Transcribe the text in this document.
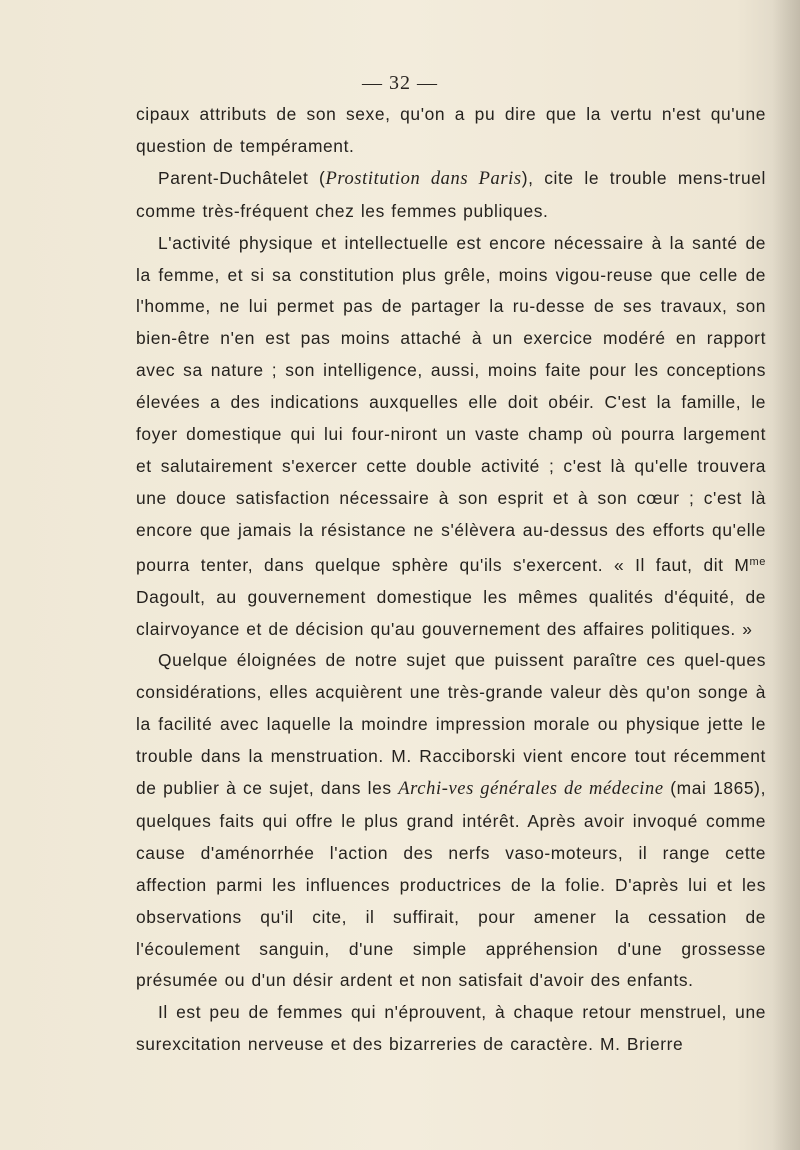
— 32 —

cipaux attributs de son sexe, qu'on a pu dire que la vertu n'est qu'une question de tempérament.

Parent-Duchâtelet (Prostitution dans Paris), cite le trouble mens-truel comme très-fréquent chez les femmes publiques.

L'activité physique et intellectuelle est encore nécessaire à la santé de la femme, et si sa constitution plus grêle, moins vigou-reuse que celle de l'homme, ne lui permet pas de partager la ru-desse de ses travaux, son bien-être n'en est pas moins attaché à un exercice modéré en rapport avec sa nature ; son intelligence, aussi, moins faite pour les conceptions élevées a des indications auxquelles elle doit obéir. C'est la famille, le foyer domestique qui lui four-niront un vaste champ où pourra largement et salutairement s'exercer cette double activité ; c'est là qu'elle trouvera une douce satisfaction nécessaire à son esprit et à son cœur ; c'est là encore que jamais la résistance ne s'élèvera au-dessus des efforts qu'elle pourra tenter, dans quelque sphère qu'ils s'exercent. « Il faut, dit $M^{me}$ Dagoult, au gouvernement domestique les mêmes qualités d'équité, de clairvoyance et de décision qu'au gouvernement des affaires politiques. »

Quelque éloignées de notre sujet que puissent paraître ces quel-ques considérations, elles acquièrent une très-grande valeur dès qu'on songe à la facilité avec laquelle la moindre impression morale ou physique jette le trouble dans la menstruation. M. Racciborski vient encore tout récemment de publier à ce sujet, dans les Archi-ves générales de médecine (mai 1865), quelques faits qui offre le plus grand intérêt. Après avoir invoqué comme cause d'aménorrhée l'action des nerfs vaso-moteurs, il range cette affection parmi les influences productrices de la folie. D'après lui et les observations qu'il cite, il suffirait, pour amener la cessation de l'écoulement sanguin, d'une simple appréhension d'une grossesse présumée ou d'un désir ardent et non satisfait d'avoir des enfants.

Il est peu de femmes qui n'éprouvent, à chaque retour menstruel, une surexcitation nerveuse et des bizarreries de caractère. M. Brierre
